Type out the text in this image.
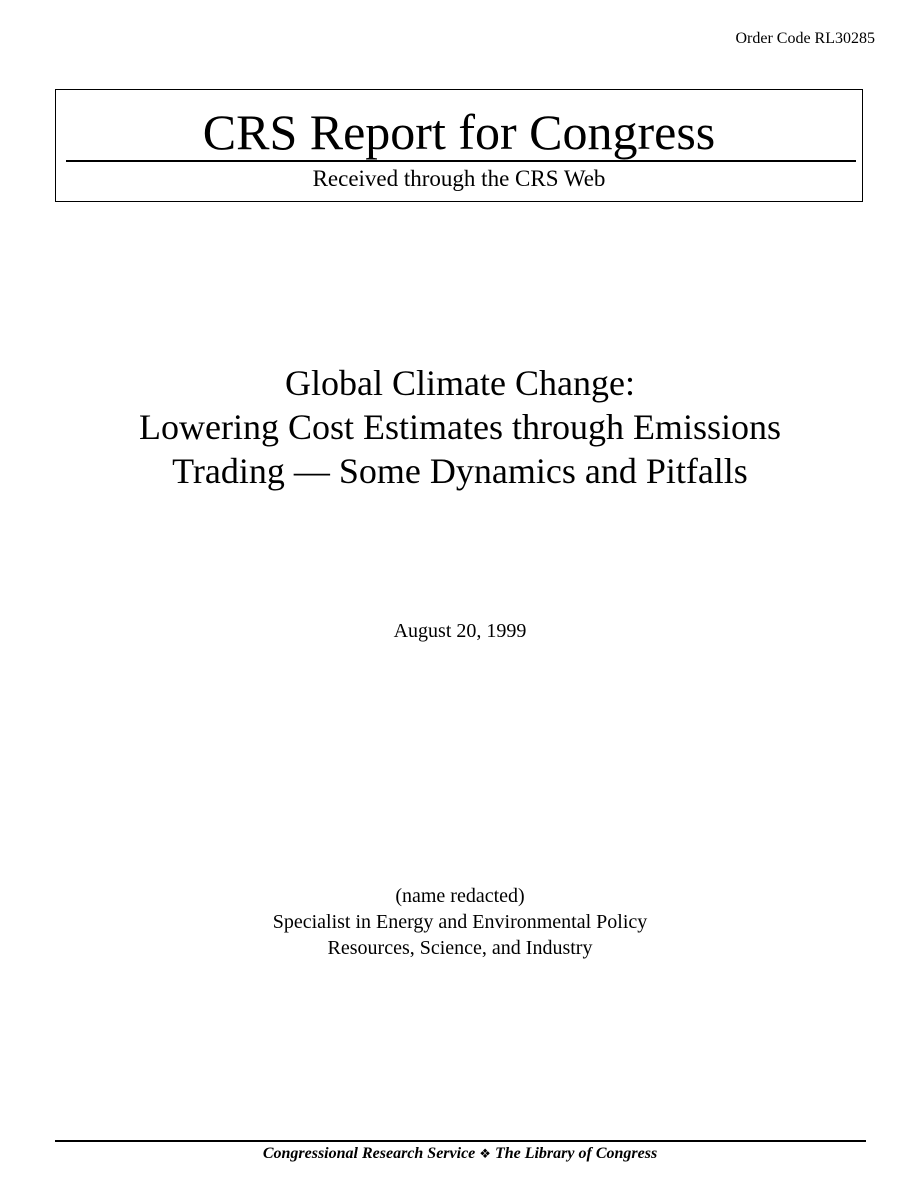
Order Code RL30285
CRS Report for Congress
Received through the CRS Web
Global Climate Change:
Lowering Cost Estimates through Emissions
Trading — Some Dynamics and Pitfalls
August 20, 1999
(name redacted)
Specialist in Energy and Environmental Policy
Resources, Science, and Industry
Congressional Research Service ❖ The Library of Congress
